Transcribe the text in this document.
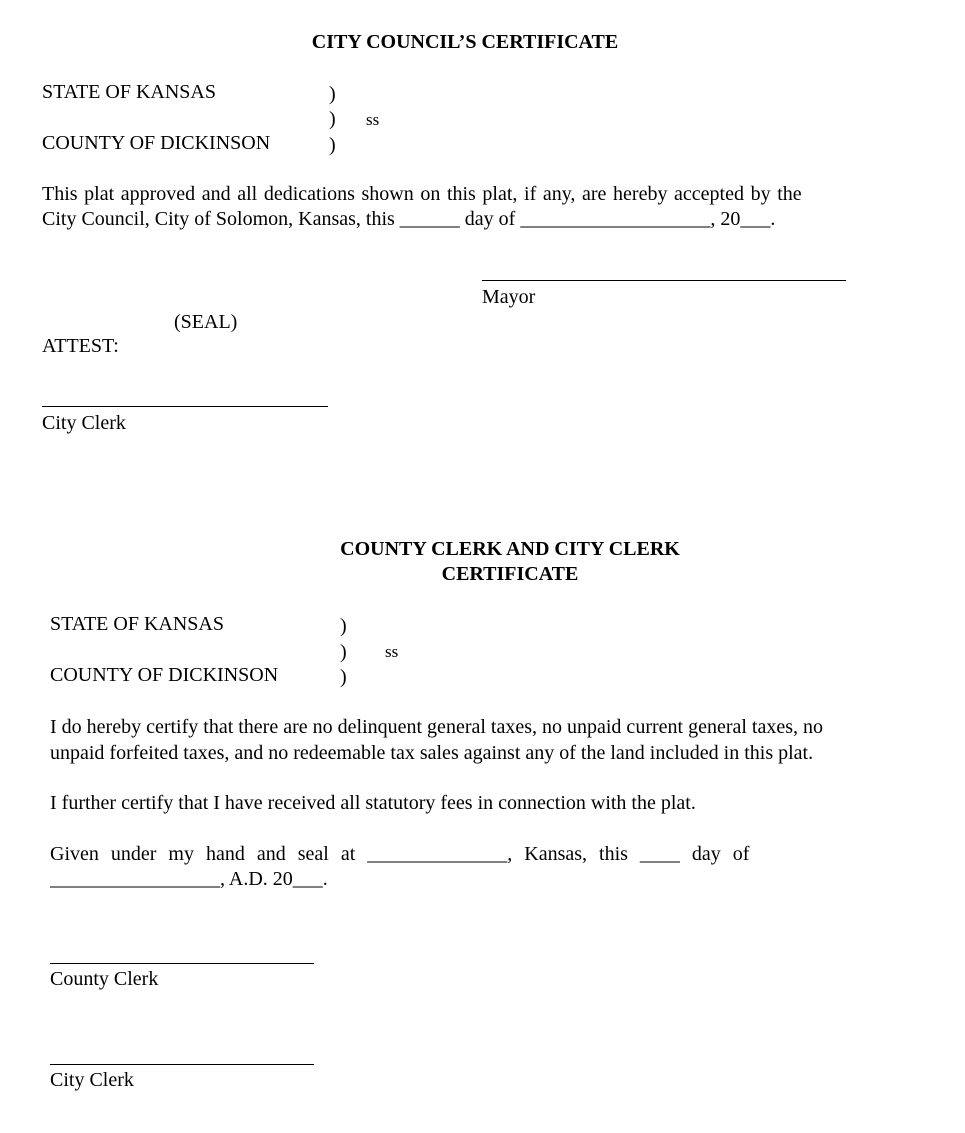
CITY COUNCIL’S CERTIFICATE
STATE OF KANSAS	)
) ss
COUNTY OF DICKINSON	)
This plat approved and all dedications shown on this plat, if any, are hereby accepted by the
City Council, City of Solomon, Kansas, this ______ day of ___________________, 20___.
Mayor
(SEAL)
ATTEST:
City Clerk
COUNTY CLERK AND CITY CLERK
CERTIFICATE
STATE OF KANSAS	)
) ss
COUNTY OF DICKINSON	)
I do hereby certify that there are no delinquent general taxes, no unpaid current general taxes, no
unpaid forfeited taxes, and no redeemable tax sales against any of the land included in this plat.
I further certify that I have received all statutory fees in connection with the plat.
Given under my hand and seal at ______________, Kansas, this ____ day of
_________________, A.D. 20___.
County Clerk
City Clerk
